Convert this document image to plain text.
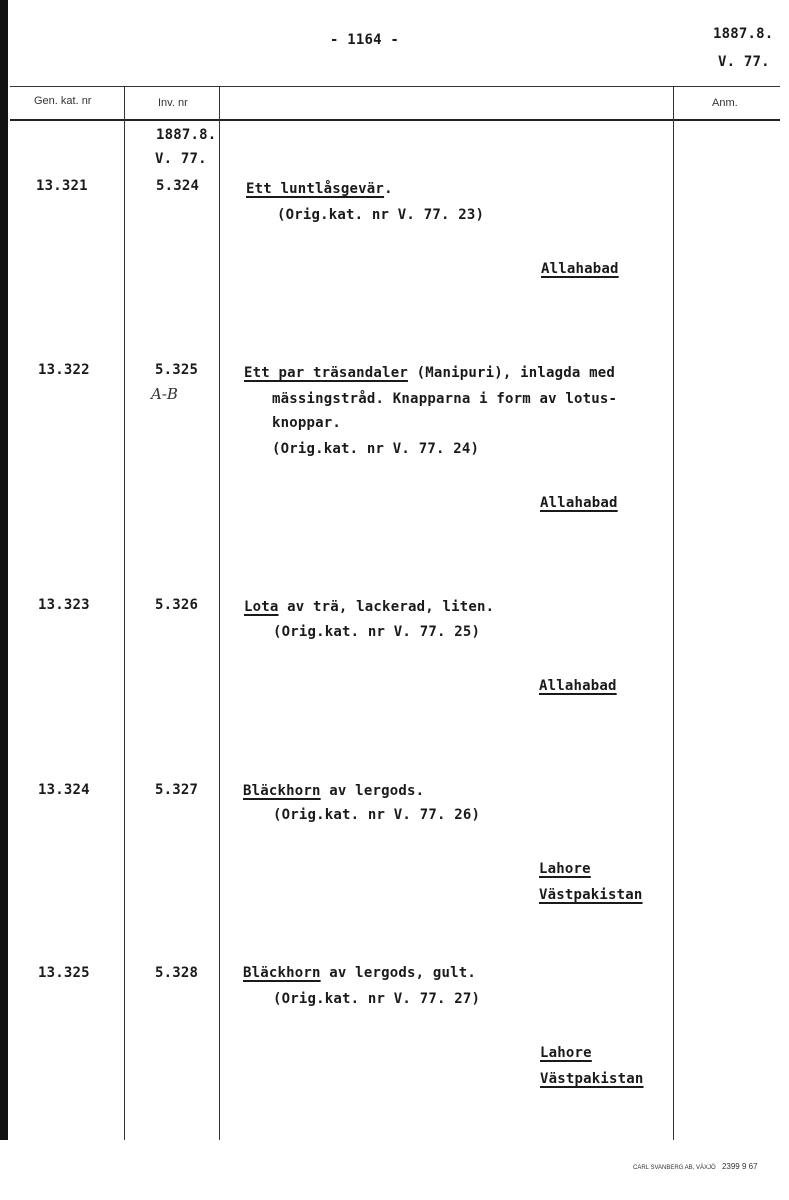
- 1164 -	1887.8.
V. 77.
Gen. kat. nr	Inv. nr	Anm.
1887.8.
V. 77.
13.321	5.324	Ett luntlåsgevär.
(Orig.kat. nr V. 77. 23)
Allahabad
13.322	5.325
A-B
Ett par träsandaler (Manipuri), inlagda med
mässingstråd. Knapparna i form av lotus-
knoppar.
(Orig.kat. nr V. 77. 24)
Allahabad
13.323	5.326	Lota av trä, lackerad, liten.
(Orig.kat. nr V. 77. 25)
Allahabad
13.324	5.327	Bläckhorn av lergods.
(Orig.kat. nr V. 77. 26)
Lahore
Västpakistan
13.325	5.328	Bläckhorn av lergods, gult.
(Orig.kat. nr V. 77. 27)
Lahore
Västpakistan
CARL SVANBERG AB, VÄXJÖ 2399 9 67
